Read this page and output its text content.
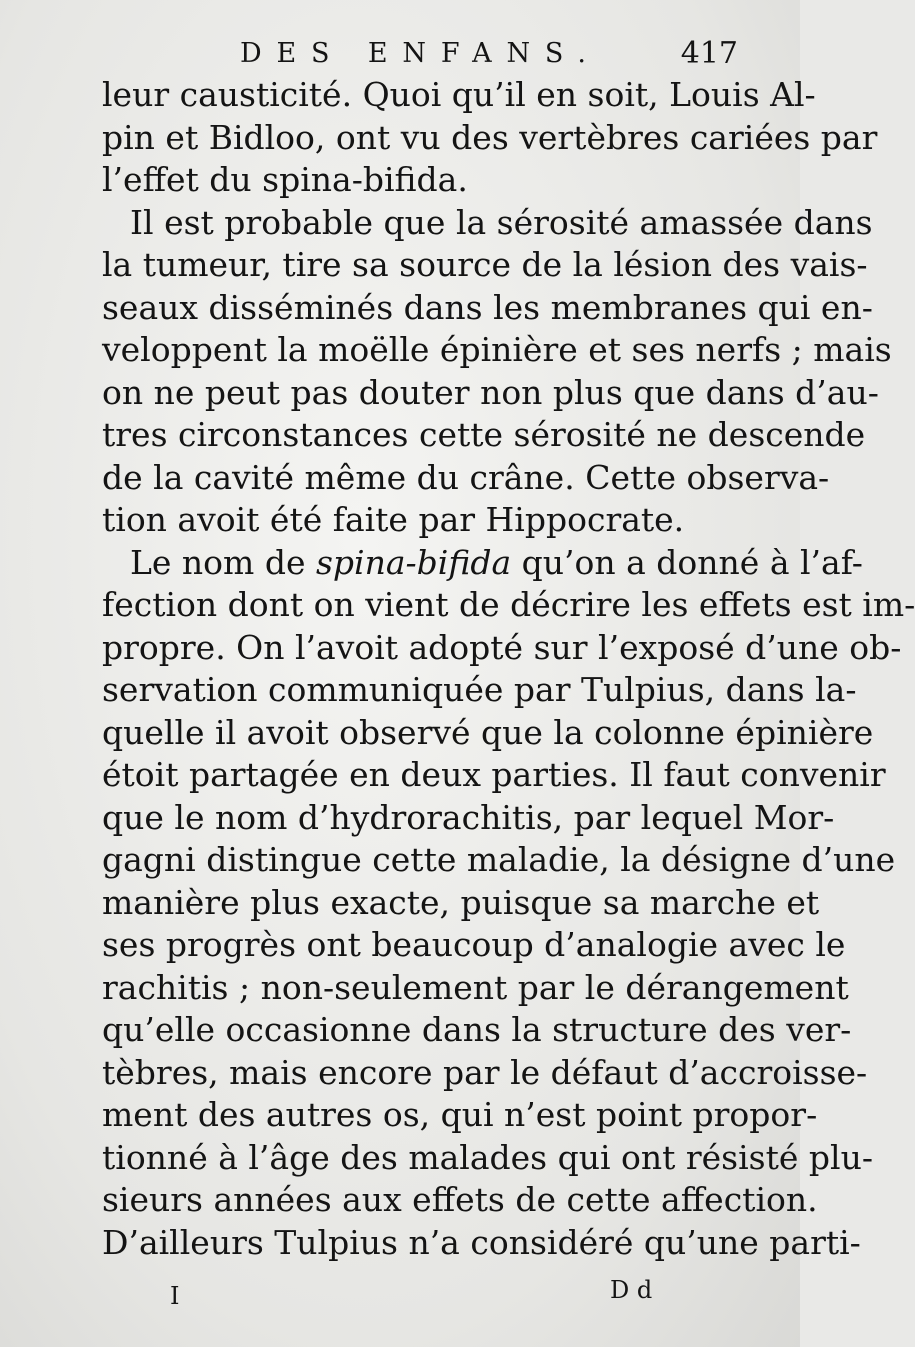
DES ENFANS.	417
leur causticité. Quoi qu’il en soit, Louis Al-
pin et Bidloo, ont vu des vertèbres cariées par
l’effet du spina-bifida.
Il est probable que la sérosité amassée dans
la tumeur, tire sa source de la lésion des vais-
seaux disséminés dans les membranes qui en-
veloppent la moëlle épinière et ses nerfs ; mais
on ne peut pas douter non plus que dans d’au-
tres circonstances cette sérosité ne descende
de la cavité même du crâne. Cette observa-
tion avoit été faite par Hippocrate.
Le nom de spina-bifida qu’on a donné à l’af-
fection dont on vient de décrire les effets est im-
propre. On l’avoit adopté sur l’exposé d’une ob-
servation communiquée par Tulpius, dans la-
quelle il avoit observé que la colonne épinière
étoit partagée en deux parties. Il faut convenir
que le nom d’hydrorachitis, par lequel Mor-
gagni distingue cette maladie, la désigne d’une
manière plus exacte, puisque sa marche et
ses progrès ont beaucoup d’analogie avec le
rachitis ; non-seulement par le dérangement
qu’elle occasionne dans la structure des ver-
tèbres, mais encore par le défaut d’accroisse-
ment des autres os, qui n’est point propor-
tionné à l’âge des malades qui ont résisté plu-
sieurs années aux effets de cette affection.
D’ailleurs Tulpius n’a considéré qu’une parti-
I	D d
